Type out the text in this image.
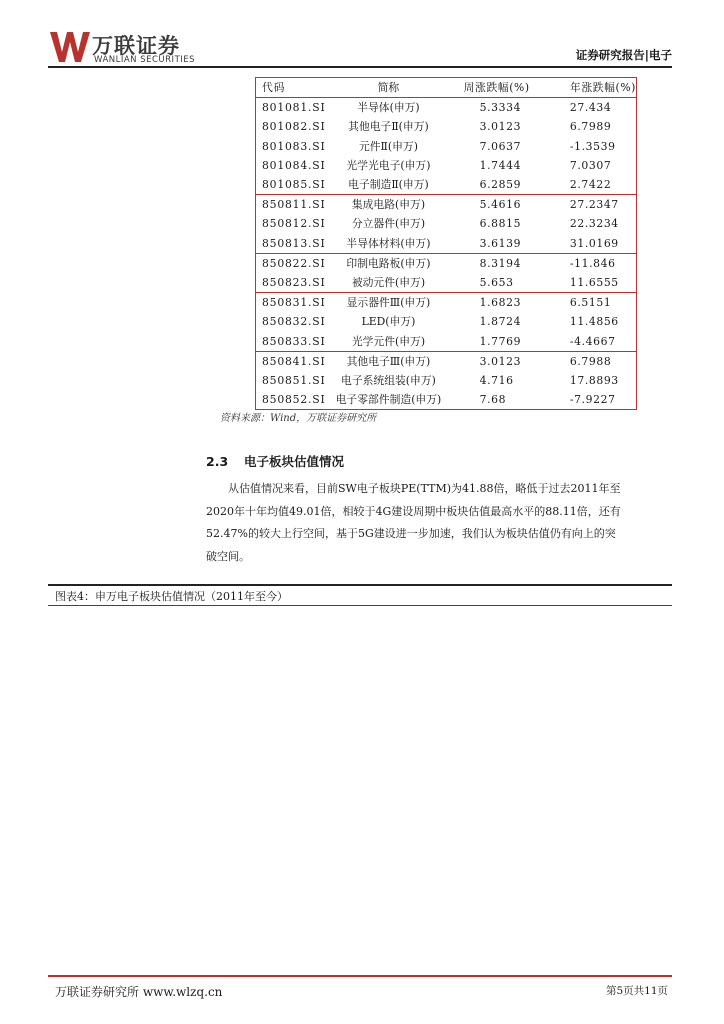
万联证券
WANLIAN SECURITIES	证券研究报告|电子
代码	简称	周涨跌幅(%)	年涨跌幅(%)
801081.SI	半导体(申万)	5.3334	27.434
801082.SI	其他电子Ⅱ(申万)	3.0123	6.7989
801083.SI	元件Ⅱ(申万)	7.0637	-1.3539
801084.SI	光学光电子(申万)	1.7444	7.0307
801085.SI	电子制造Ⅱ(申万)	6.2859	2.7422
850811.SI	集成电路(申万)	5.4616	27.2347
850812.SI	分立器件(申万)	6.8815	22.3234
850813.SI	半导体材料(申万)	3.6139	31.0169
850822.SI	印制电路板(申万)	8.3194	-11.846
850823.SI	被动元件(申万)	5.653	11.6555
850831.SI	显示器件Ⅲ(申万)	1.6823	6.5151
850832.SI	LED(申万)	1.8724	11.4856
850833.SI	光学元件(申万)	1.7769	-4.4667
850841.SI	其他电子Ⅲ(申万)	3.0123	6.7988
850851.SI	电子系统组装(申万)	4.716	17.8893
850852.SI	电子零部件制造(申万)	7.68	-7.9227
资料来源：Wind，万联证券研究所
2.3 电子板块估值情况
从估值情况来看，目前SW电子板块PE(TTM)为41.88倍，略低于过去2011年至
2020年十年均值49.01倍，相较于4G建设周期中板块估值最高水平的88.11倍，还有
52.47%的较大上行空间，基于5G建设进一步加速，我们认为板块估值仍有向上的突
破空间。
图表4：申万电子板块估值情况（2011年至今）
万联证券研究所 www.wlzq.cn	第5页共11页
